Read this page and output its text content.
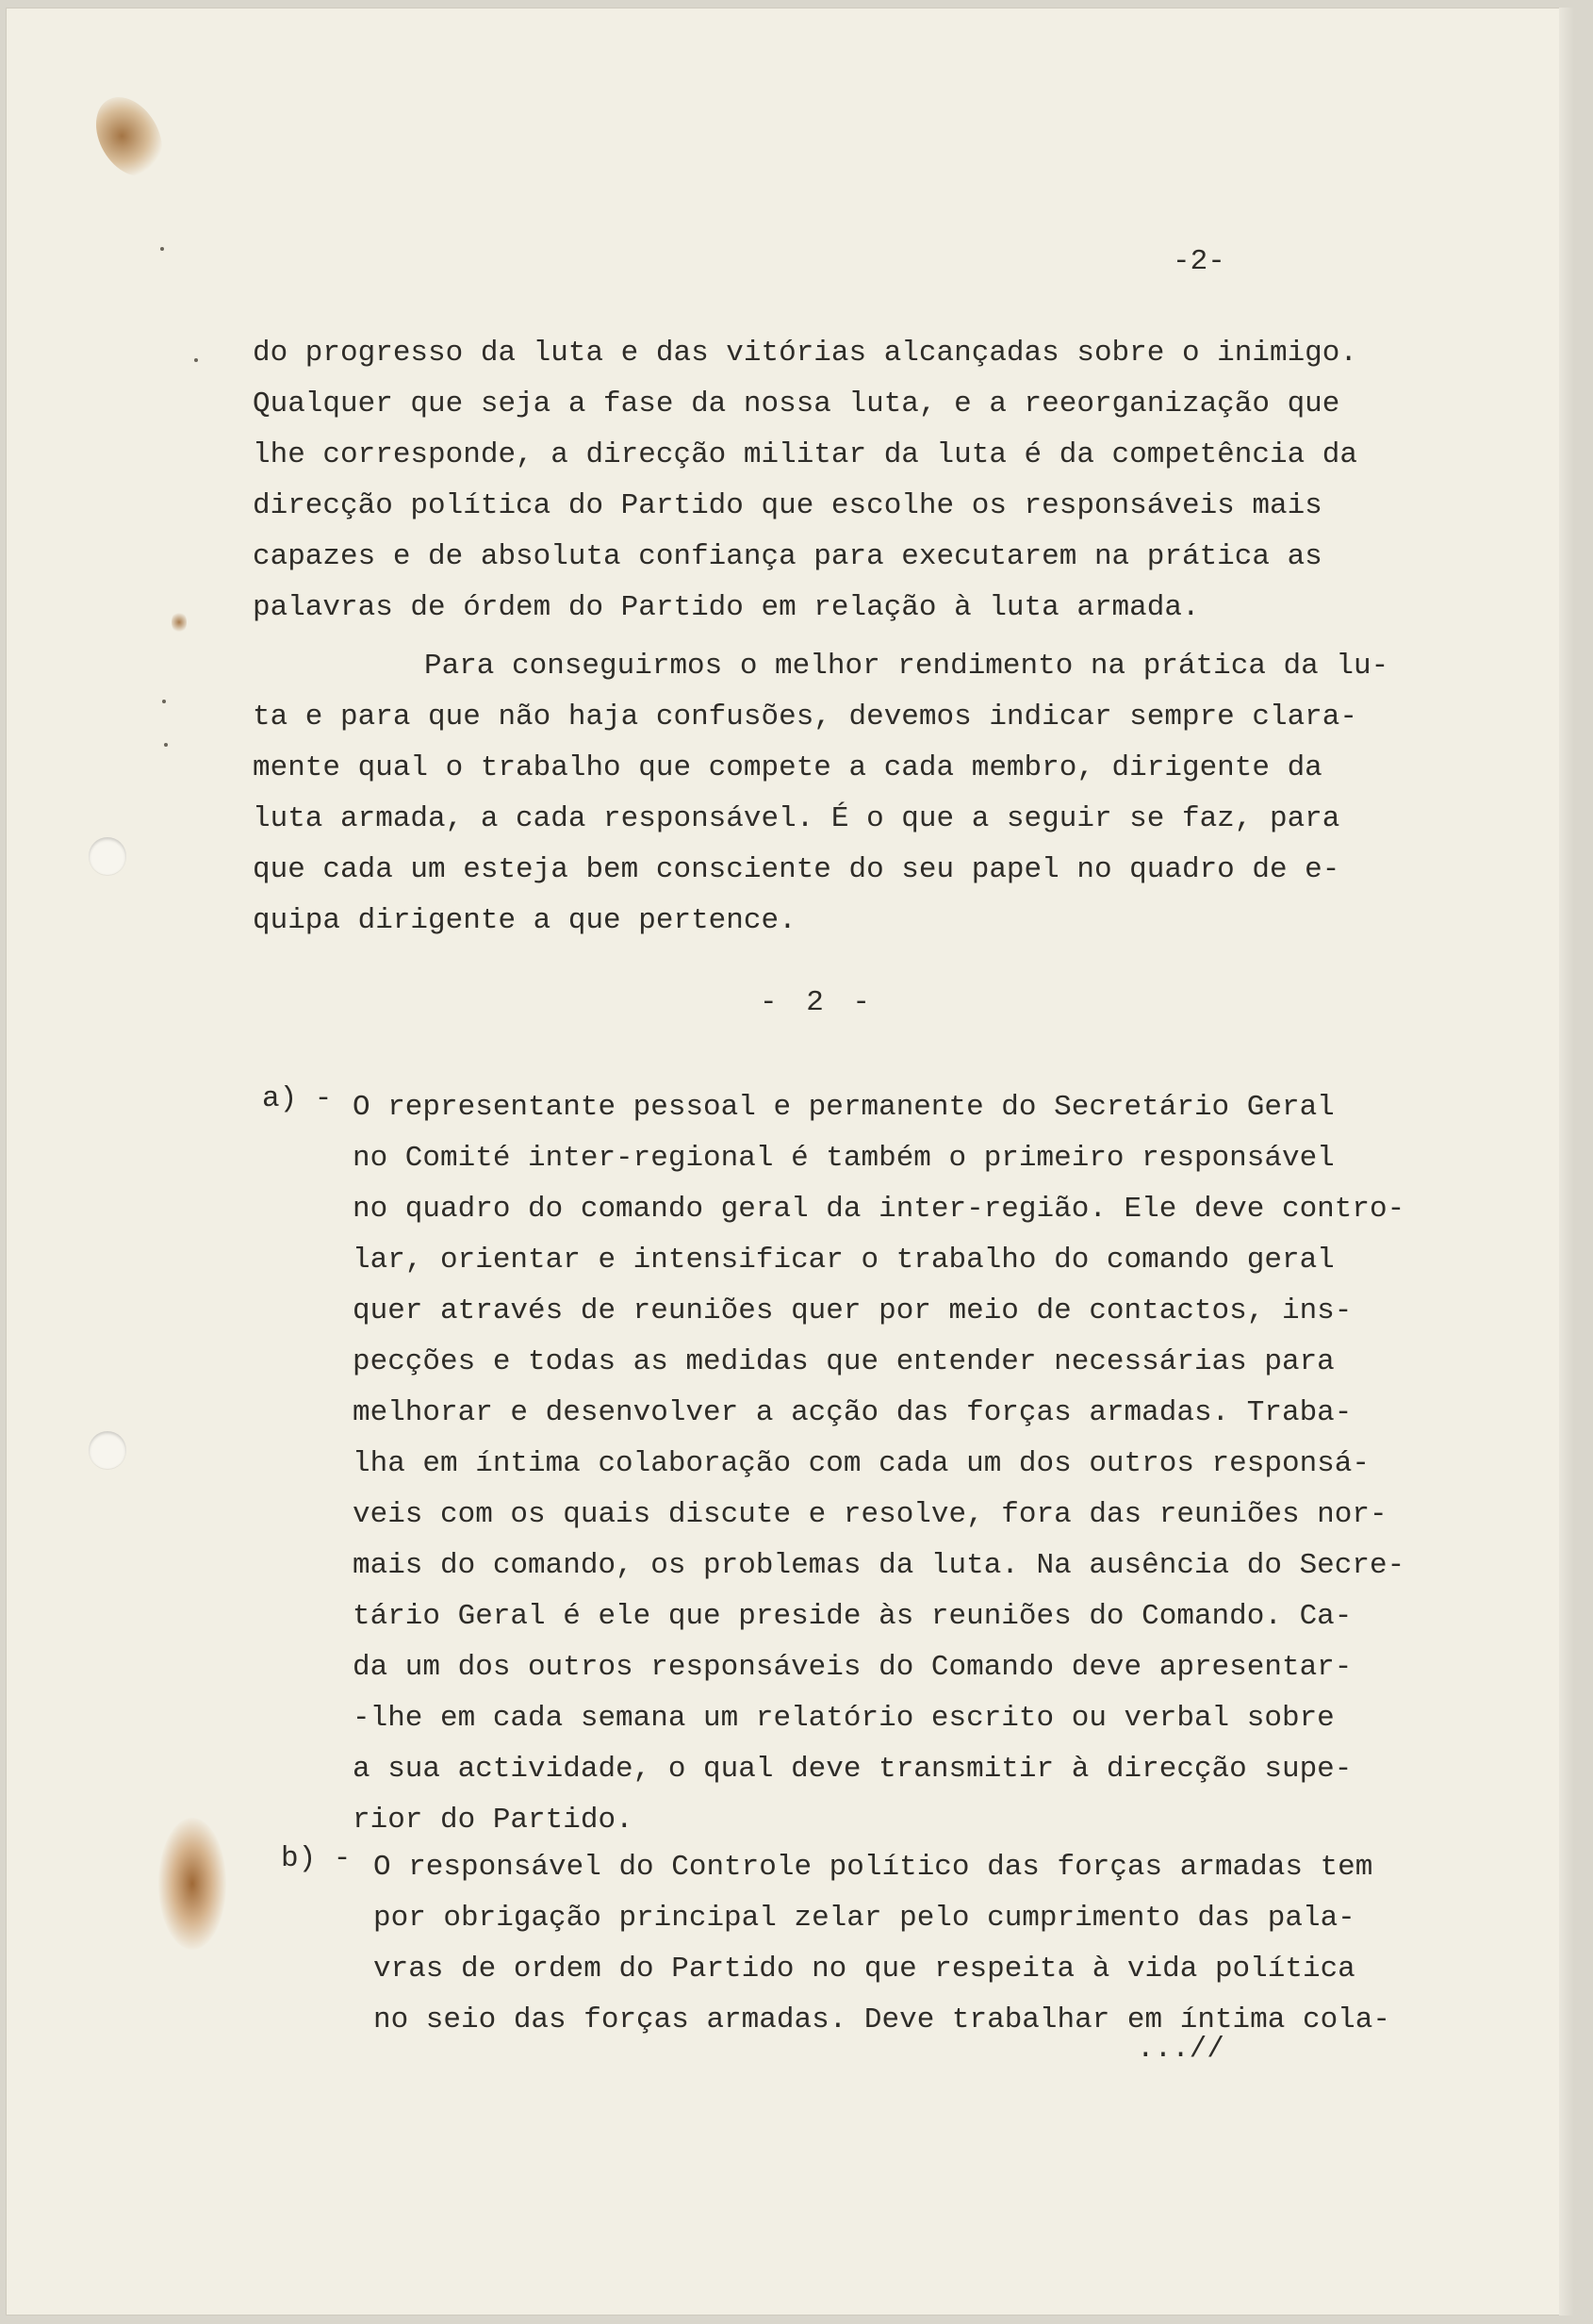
-2-
do progresso da luta e das vitórias alcançadas sobre o inimigo.
Qualquer que seja a fase da nossa luta, e a reeorganização que
lhe corresponde, a direcção militar da luta é da competência da
direcção política do Partido que escolhe os responsáveis mais
capazes e de absoluta confiança para executarem na prática as
palavras de órdem do Partido em relação à luta armada.
Para conseguirmos o melhor rendimento na prática da lu-
ta e para que não haja confusões, devemos indicar sempre clara-
mente qual o trabalho que compete a cada membro, dirigente da
luta armada, a cada responsável. É o que a seguir se faz, para
que cada um esteja bem consciente do seu papel no quadro de e-
quipa dirigente a que pertence.
- 2 -
a) - O representante pessoal e permanente do Secretário Geral
no Comité inter-regional é também o primeiro responsável
no quadro do comando geral da inter-região. Ele deve contro-
lar, orientar e intensificar o trabalho do comando geral
quer através de reuniões quer por meio de contactos, ins-
pecções e todas as medidas que entender necessárias para
melhorar e desenvolver a acção das forças armadas. Traba-
lha em íntima colaboração com cada um dos outros responsá-
veis com os quais discute e resolve, fora das reuniões nor-
mais do comando, os problemas da luta. Na ausência do Secre-
tário Geral é ele que preside às reuniões do Comando. Ca-
da um dos outros responsáveis do Comando deve apresentar-
-lhe em cada semana um relatório escrito ou verbal sobre
a sua actividade, o qual deve transmitir à direcção supe-
rior do Partido.
b) - O responsável do Controle político das forças armadas tem
por obrigação principal zelar pelo cumprimento das pala-
vras de ordem do Partido no que respeita à vida política
no seio das forças armadas. Deve trabalhar em íntima cola-
...//
